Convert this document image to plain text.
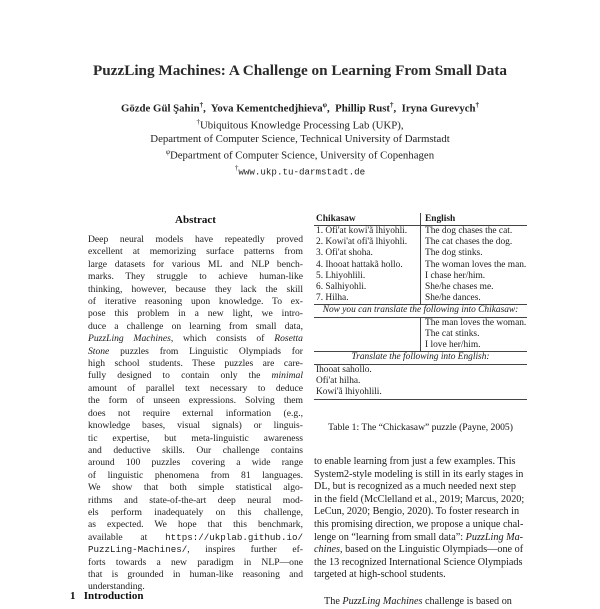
PuzzLing Machines: A Challenge on Learning From Small Data
Gözde Gül Şahin†,  Yova Kementchedjhieva$^\varphi$,  Phillip Rust†,  Iryna Gurevych†
†Ubiquitous Knowledge Processing Lab (UKP),
Department of Computer Science, Technical University of Darmstadt
$^\varphi$Department of Computer Science, University of Copenhagen
†www.ukp.tu-darmstadt.de
Abstract
Deep neural models have repeatedly proved
excellent at memorizing surface patterns from
large datasets for various ML and NLP bench-
marks. They struggle to achieve human-like
thinking, however, because they lack the skill
of iterative reasoning upon knowledge. To ex-
pose this problem in a new light, we intro-
duce a challenge on learning from small data,
PuzzLing Machines, which consists of Rosetta
Stone puzzles from Linguistic Olympiads for
high school students. These puzzles are care-
fully designed to contain only the minimal
amount of parallel text necessary to deduce
the form of unseen expressions. Solving them
does not require external information (e.g.,
knowledge bases, visual signals) or linguis-
tic expertise, but meta-linguistic awareness
and deductive skills. Our challenge contains
around 100 puzzles covering a wide range
of linguistic phenomena from 81 languages.
We show that both simple statistical algo-
rithms and state-of-the-art deep neural mod-
els perform inadequately on this challenge,
as expected. We hope that this benchmark,
available at https://ukplab.github.io/
PuzzLing-Machines/, inspires further ef-
forts towards a new paradigm in NLP—one
that is grounded in human-like reasoning and
understanding.
1 Introduction
Chikasaw	English
1. Ofi'at kowi'ã lhiyohli.	The dog chases the cat.
2. Kowi'at ofi'ã lhiyohli.	The cat chases the dog.
3. Ofi'at shoha.	The dog stinks.
4. Ihooat hattakã hollo.	The woman loves the man.
5. Lhiyohlili.	I chase her/him.
6. Salhiyohli.	She/he chases me.
7. Hilha.	She/he dances.
Now you can translate the following into Chikasaw:
The man loves the woman.
The cat stinks.
I love her/him.
Translate the following into English:
Ihooat sahollo.
Ofi'at hilha.
Kowi'ã lhiyohlili.
Table 1: The “Chickasaw” puzzle (Payne, 2005)
to enable learning from just a few examples. This
System2-style modeling is still in its early stages in
DL, but is recognized as a much needed next step
in the field (McClelland et al., 2019; Marcus, 2020;
LeCun, 2020; Bengio, 2020). To foster research in
this promising direction, we propose a unique chal-
lenge on “learning from small data”: PuzzLing Ma-
chines, based on the Linguistic Olympiads—one of
the 13 recognized International Science Olympiads
targeted at high-school students.
The PuzzLing Machines challenge is based on
